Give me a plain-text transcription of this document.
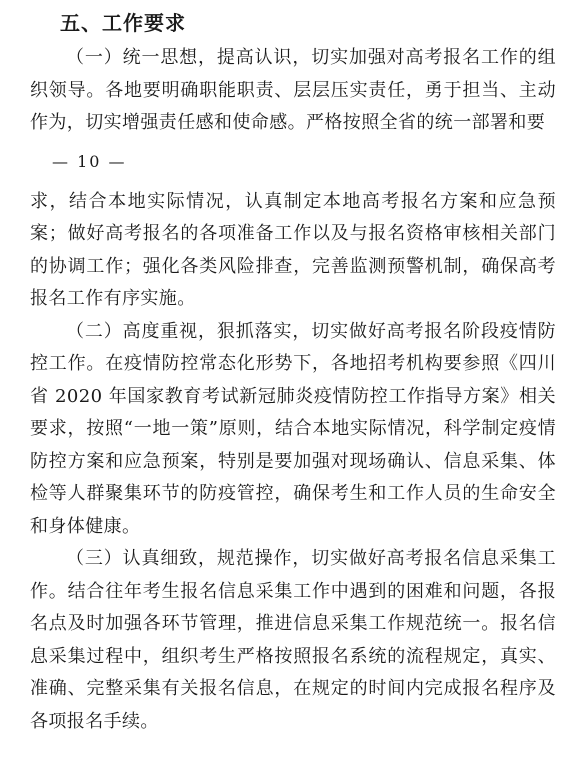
五、工作要求

（一）统一思想，提高认识，切实加强对高考报名工作的组织领导。各地要明确职能职责、层层压实责任，勇于担当、主动作为，切实增强责任感和使命感。严格按照全省的统一部署和要

— 10 —

求，结合本地实际情况，认真制定本地高考报名方案和应急预案；做好高考报名的各项准备工作以及与报名资格审核相关部门的协调工作；强化各类风险排查，完善监测预警机制，确保高考报名工作有序实施。

（二）高度重视，狠抓落实，切实做好高考报名阶段疫情防控工作。在疫情防控常态化形势下，各地招考机构要参照《四川省 2020 年国家教育考试新冠肺炎疫情防控工作指导方案》相关要求，按照“一地一策”原则，结合本地实际情况，科学制定疫情防控方案和应急预案，特别是要加强对现场确认、信息采集、体检等人群聚集环节的防疫管控，确保考生和工作人员的生命安全和身体健康。

（三）认真细致，规范操作，切实做好高考报名信息采集工作。结合往年考生报名信息采集工作中遇到的困难和问题，各报名点及时加强各环节管理，推进信息采集工作规范统一。报名信息采集过程中，组织考生严格按照报名系统的流程规定，真实、准确、完整采集有关报名信息，在规定的时间内完成报名程序及各项报名手续。
